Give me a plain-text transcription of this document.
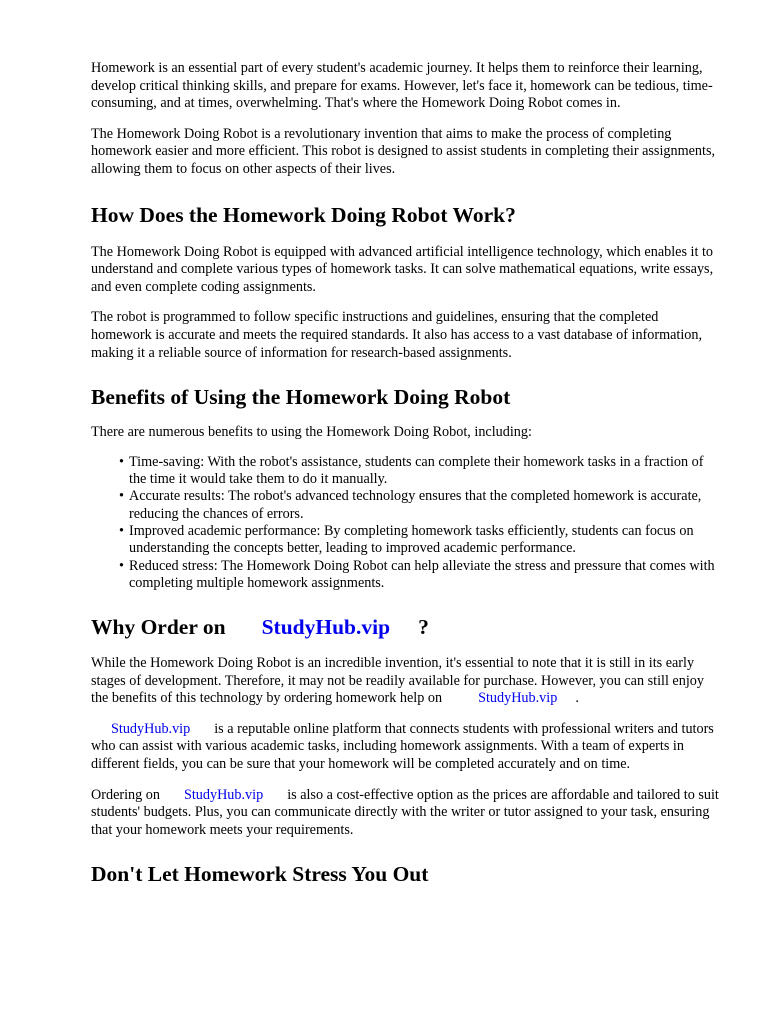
Homework is an essential part of every student's academic journey. It helps them to reinforce their learning, develop critical thinking skills, and prepare for exams. However, let's face it, homework can be tedious, time-consuming, and at times, overwhelming. That's where the Homework Doing Robot comes in.

The Homework Doing Robot is a revolutionary invention that aims to make the process of completing homework easier and more efficient. This robot is designed to assist students in completing their assignments, allowing them to focus on other aspects of their lives.

How Does the Homework Doing Robot Work?

The Homework Doing Robot is equipped with advanced artificial intelligence technology, which enables it to understand and complete various types of homework tasks. It can solve mathematical equations, write essays, and even complete coding assignments.

The robot is programmed to follow specific instructions and guidelines, ensuring that the completed homework is accurate and meets the required standards. It also has access to a vast database of information, making it a reliable source of information for research-based assignments.

Benefits of Using the Homework Doing Robot

There are numerous benefits to using the Homework Doing Robot, including:

• Time-saving: With the robot's assistance, students can complete their homework tasks in a fraction of the time it would take them to do it manually.
• Accurate results: The robot's advanced technology ensures that the completed homework is accurate, reducing the chances of errors.
• Improved academic performance: By completing homework tasks efficiently, students can focus on understanding the concepts better, leading to improved academic performance.
• Reduced stress: The Homework Doing Robot can help alleviate the stress and pressure that comes with completing multiple homework assignments.
Why Order on StudyHub.vip ?

While the Homework Doing Robot is an incredible invention, it's essential to note that it is still in its early stages of development. Therefore, it may not be readily available for purchase. However, you can still enjoy the benefits of this technology by ordering homework help on	StudyHub.vip .

StudyHub.vip is a reputable online platform that connects students with professional writers and tutors who can assist with various academic tasks, including homework assignments. With a team of experts in different fields, you can be sure that your homework will be completed accurately and on time.

Ordering on StudyHub.vip is also a cost-effective option as the prices are affordable and tailored to suit students' budgets. Plus, you can communicate directly with the writer or tutor assigned to your task, ensuring that your homework meets your requirements.

Don't Let Homework Stress You Out
